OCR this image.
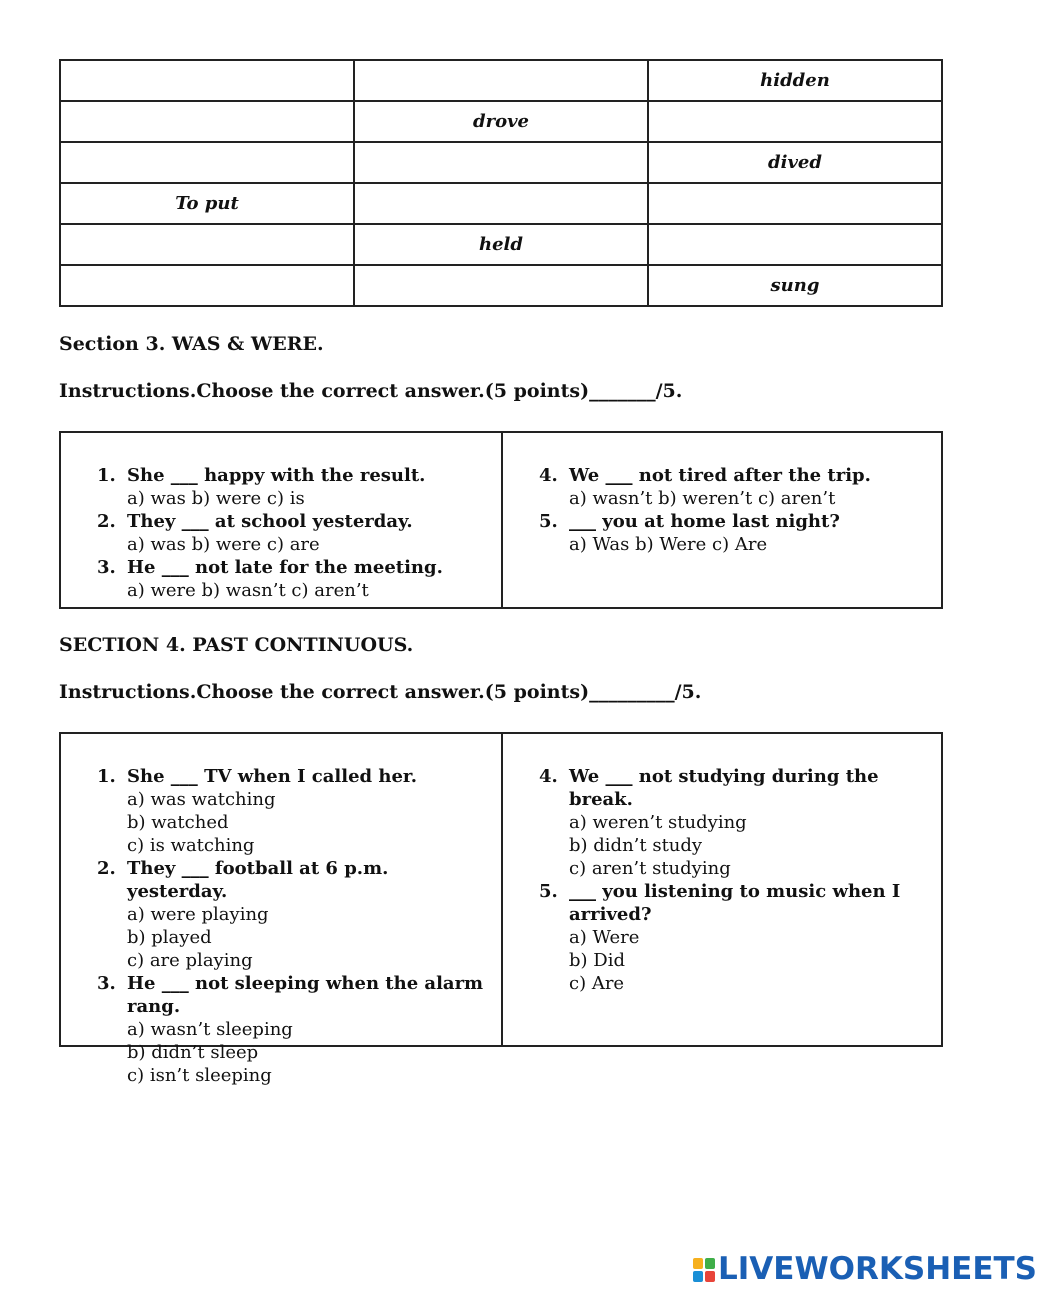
		hidden
	drove	
		dived
To put		
	held	
		sung
Section 3. WAS & WERE.
Instructions.Choose the correct answer.(5 points)_______/5.
1. She ___ happy with the result.
a) was b) were c) is
2. They ___ at school yesterday.
a) was b) were c) are
3. He ___ not late for the meeting.
a) were b) wasn’t c) aren’t
4. We ___ not tired after the trip.
a) wasn’t b) weren’t c) aren’t
5. ___ you at home last night?
a) Was b) Were c) Are
SECTION 4. PAST CONTINUOUS.
Instructions.Choose the correct answer.(5 points)_________/5.
1. She ___ TV when I called her.
a) was watching
b) watched
c) is watching
2. They ___ football at 6 p.m. yesterday.
a) were playing
b) played
c) are playing
3. He ___ not sleeping when the alarm rang.
a) wasn’t sleeping
b) didn’t sleep
c) isn’t sleeping
4. We ___ not studying during the break.
a) weren’t studying
b) didn’t study
c) aren’t studying
5. ___ you listening to music when I arrived?
a) Were
b) Did
c) Are
LIVEWORKSHEETS
